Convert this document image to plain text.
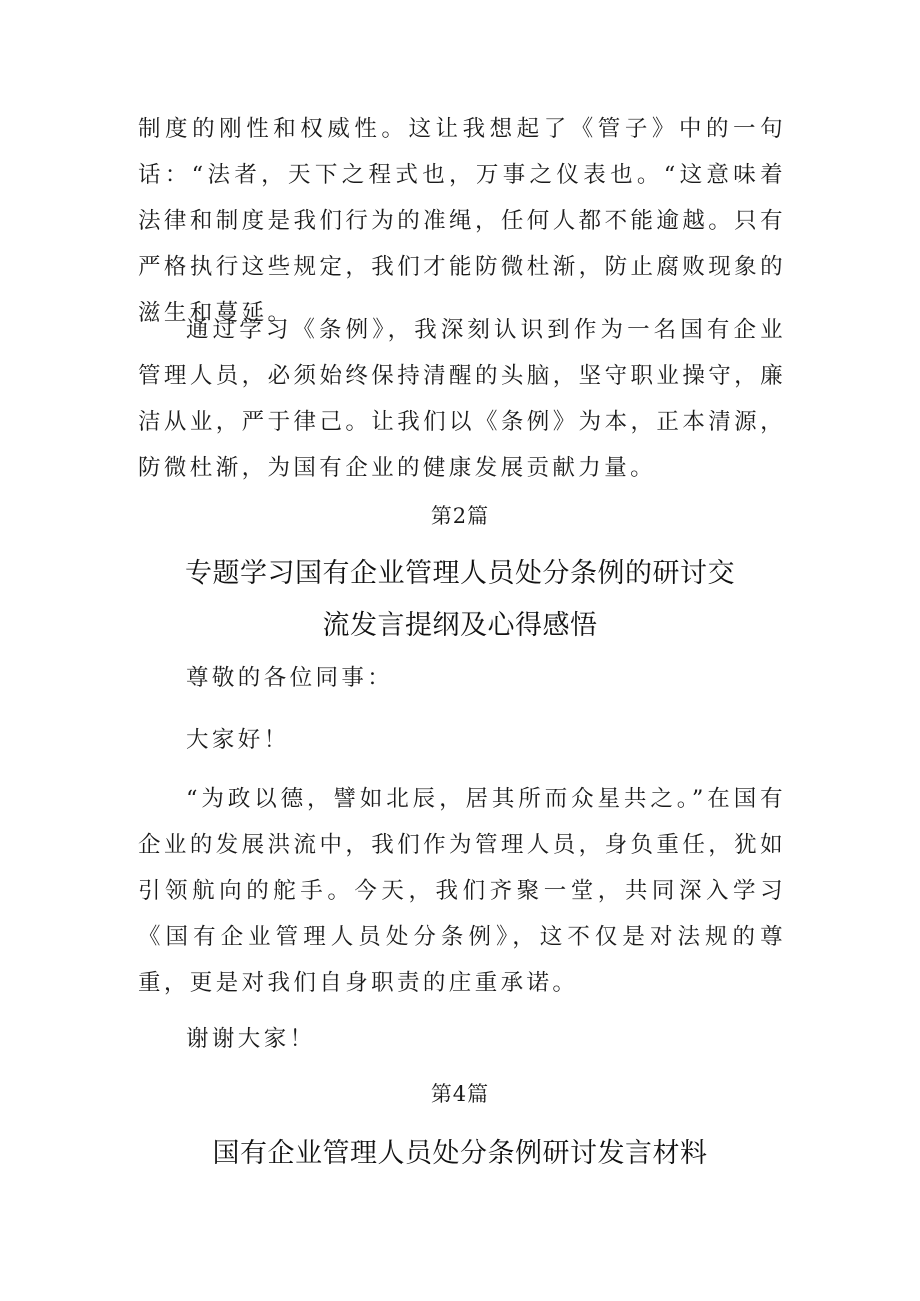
制度的刚性和权威性。这让我想起了《管子》中的一句话：“法者，天下之程式也，万事之仪表也。“这意味着法律和制度是我们行为的准绳，任何人都不能逾越。只有严格执行这些规定，我们才能防微杜渐，防止腐败现象的滋生和蔓延。

通过学习《条例》，我深刻认识到作为一名国有企业管理人员，必须始终保持清醒的头脑，坚守职业操守，廉洁从业，严于律己。让我们以《条例》为本，正本清源，防微杜渐，为国有企业的健康发展贡献力量。

第2篇

专题学习国有企业管理人员处分条例的研讨交
流发言提纲及心得感悟

尊敬的各位同事：

大家好！

“为政以德，譬如北辰，居其所而众星共之。”在国有企业的发展洪流中，我们作为管理人员，身负重任，犹如引领航向的舵手。今天，我们齐聚一堂，共同深入学习《国有企业管理人员处分条例》，这不仅是对法规的尊重，更是对我们自身职责的庄重承诺。

谢谢大家！

第4篇

国有企业管理人员处分条例研讨发言材料
